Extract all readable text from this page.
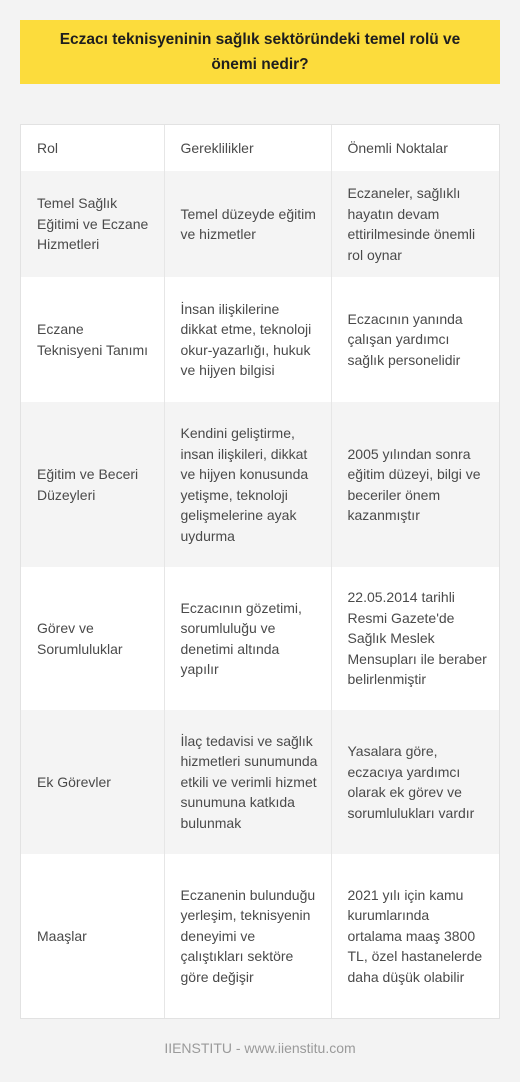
Eczacı teknisyeninin sağlık sektöründeki temel rolü ve önemi nedir?
Rol	Gereklilikler	Önemli Noktalar
Temel Sağlık Eğitimi ve Eczane Hizmetleri	Temel düzeyde eğitim ve hizmetler	Eczaneler, sağlıklı hayatın devam ettirilmesinde önemli rol oynar
Eczane Teknisyeni Tanımı	İnsan ilişkilerine dikkat etme, teknoloji okur-yazarlığı, hukuk ve hijyen bilgisi	Eczacının yanında çalışan yardımcı sağlık personelidir
Eğitim ve Beceri Düzeyleri	Kendini geliştirme, insan ilişkileri, dikkat ve hijyen konusunda yetişme, teknoloji gelişmelerine ayak uydurma	2005 yılından sonra eğitim düzeyi, bilgi ve beceriler önem kazanmıştır
Görev ve Sorumluluklar	Eczacının gözetimi, sorumluluğu ve denetimi altında yapılır	22.05.2014 tarihli Resmi Gazete'de Sağlık Meslek Mensupları ile beraber belirlenmiştir
Ek Görevler	İlaç tedavisi ve sağlık hizmetleri sunumunda etkili ve verimli hizmet sunumuna katkıda bulunmak	Yasalara göre, eczacıya yardımcı olarak ek görev ve sorumlulukları vardır
Maaşlar	Eczanenin bulunduğu yerleşim, teknisyenin deneyimi ve çalıştıkları sektöre göre değişir	2021 yılı için kamu kurumlarında ortalama maaş 3800 TL, özel hastanelerde daha düşük olabilir
IIENSTITU - www.iienstitu.com
